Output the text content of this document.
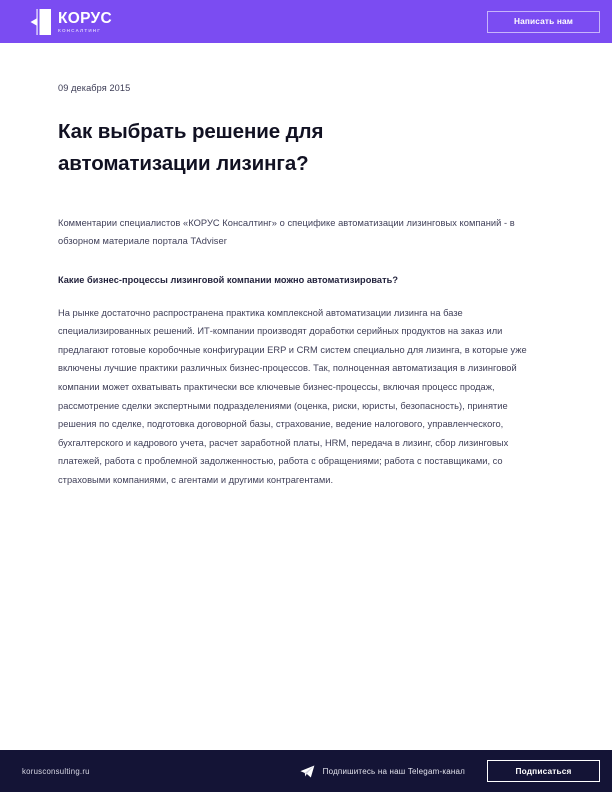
КОРУС
КОНСАЛТИНГ
Написать нам
09 декабря 2015
Как выбрать решение для автоматизации лизинга?

Комментарии специалистов «КОРУС Консалтинг» о специфике автоматизации лизинговых компаний - в обзорном материале портала TAdviser

Какие бизнес-процессы лизинговой компании можно автоматизировать?

На рынке достаточно распространена практика комплексной автоматизации лизинга на базе специализированных решений. ИТ-компании производят доработки серийных продуктов на заказ или предлагают готовые коробочные конфигурации ERP и CRM систем специально для лизинга, в которые уже включены лучшие практики различных бизнес-процессов. Так, полноценная автоматизация в лизинговой компании может охватывать практически все ключевые бизнес-процессы, включая процесс продаж, рассмотрение сделки экспертными подразделениями (оценка, риски, юристы, безопасность), принятие решения по сделке, подготовка договорной базы, страхование, ведение налогового, управленческого, бухгалтерского и кадрового учета, расчет заработной платы, HRM, передача в лизинг, сбор лизинговых платежей, работа с проблемной задолженностью, работа с обращениями; работа с поставщиками, со страховыми компаниями, с агентами и другими контрагентами.

korusconsulting.ru	Подпишитесь на наш Telegam-канал	Подписаться
